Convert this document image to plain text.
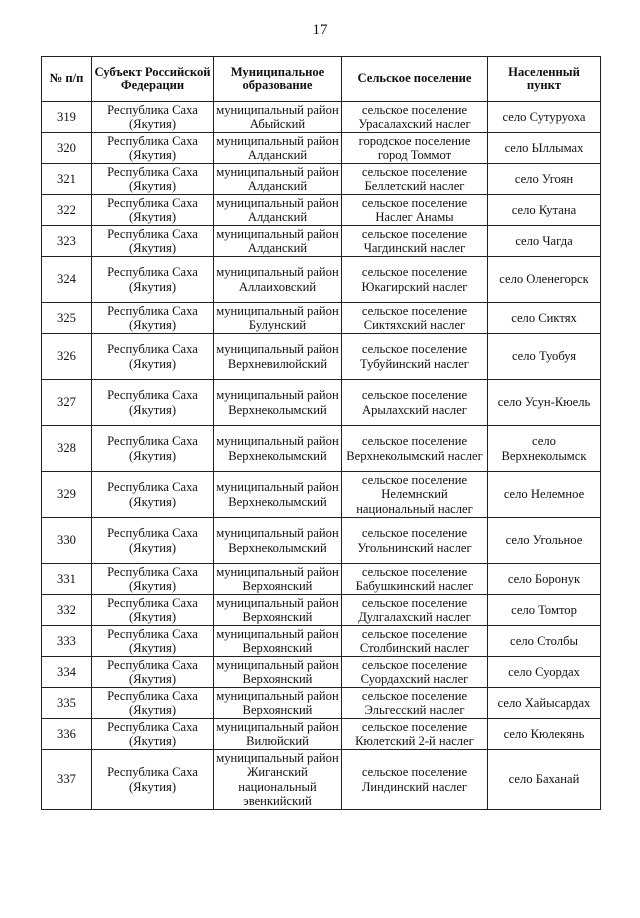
17
№ п/п	Субъект Российской Федерации	Муниципальное образование	Сельское поселение	Населенный пункт
319	Республика Саха (Якутия)	муниципальный район Абыйский	сельское поселение Урасалахский наслег	село Сутуруоха
320	Республика Саха (Якутия)	муниципальный район Алданский	городское поселение город Томмот	село Ыллымах
321	Республика Саха (Якутия)	муниципальный район Алданский	сельское поселение Беллетский наслег	село Угоян
322	Республика Саха (Якутия)	муниципальный район Алданский	сельское поселение Наслег Анамы	село Кутана
323	Республика Саха (Якутия)	муниципальный район Алданский	сельское поселение Чагдинский наслег	село Чагда
324	Республика Саха (Якутия)	муниципальный район Аллаиховский	сельское поселение Юкагирский наслег	село Оленегорск
325	Республика Саха (Якутия)	муниципальный район Булунский	сельское поселение Сиктяхский наслег	село Сиктях
326	Республика Саха (Якутия)	муниципальный район Верхневилюйский	сельское поселение Тубуйинский наслег	село Туобуя
327	Республика Саха (Якутия)	муниципальный район Верхнеколымский	сельское поселение Арылахский наслег	село Усун-Кюель
328	Республика Саха (Якутия)	муниципальный район Верхнеколымский	сельское поселение Верхнеколымский наслег	село Верхнеколымск
329	Республика Саха (Якутия)	муниципальный район Верхнеколымский	сельское поселение Нелемнский национальный наслег	село Нелемное
330	Республика Саха (Якутия)	муниципальный район Верхнеколымский	сельское поселение Угольнинский наслег	село Угольное
331	Республика Саха (Якутия)	муниципальный район Верхоянский	сельское поселение Бабушкинский наслег	село Боронук
332	Республика Саха (Якутия)	муниципальный район Верхоянский	сельское поселение Дулгалахский наслег	село Томтор
333	Республика Саха (Якутия)	муниципальный район Верхоянский	сельское поселение Столбинский наслег	село Столбы
334	Республика Саха (Якутия)	муниципальный район Верхоянский	сельское поселение Суордахский наслег	село Суордах
335	Республика Саха (Якутия)	муниципальный район Верхоянский	сельское поселение Эльгесский наслег	село Хайысардах
336	Республика Саха (Якутия)	муниципальный район Вилюйский	сельское поселение Кюлетский 2-й наслег	село Кюлекянь
337	Республика Саха (Якутия)	муниципальный район Жиганский национальный эвенкийский	сельское поселение Линдинский наслег	село Баханай
